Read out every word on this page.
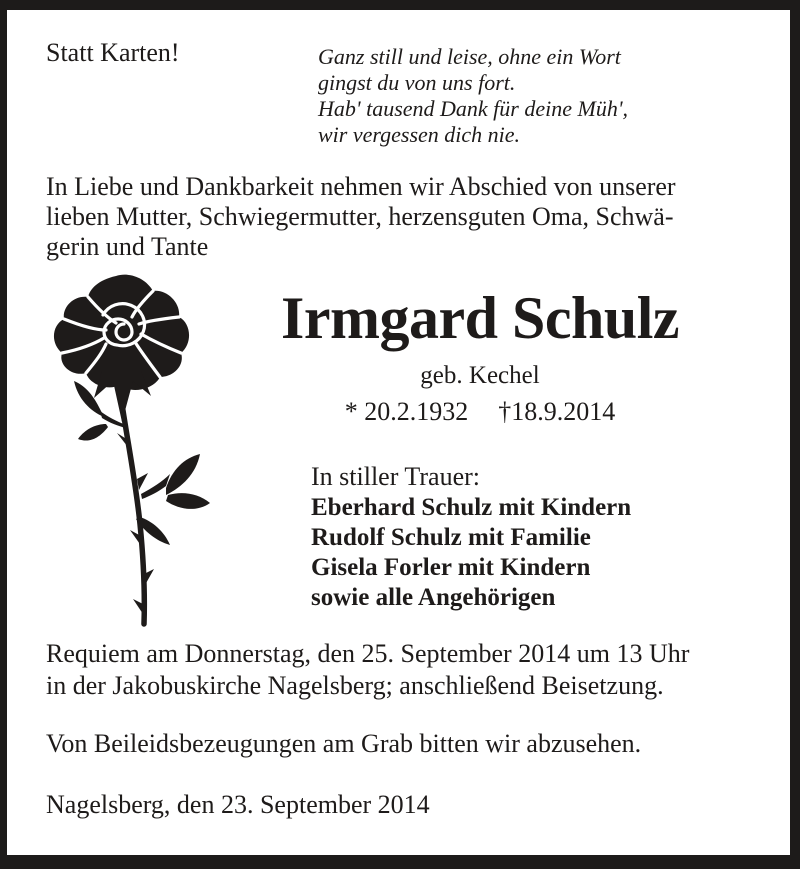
Statt Karten!	Ganz still und leise, ohne ein Wort
gingst du von uns fort.
Hab' tausend Dank für deine Müh',
wir vergessen dich nie.
In Liebe und Dankbarkeit nehmen wir Abschied von unserer
lieben Mutter, Schwiegermutter, herzensguten Oma, Schwä-
gerin und Tante
Irmgard Schulz
geb. Kechel
* 20.2.1932 †18.9.2014
In stiller Trauer:
Eberhard Schulz mit Kindern
Rudolf Schulz mit Familie
Gisela Forler mit Kindern
sowie alle Angehörigen
Requiem am Donnerstag, den 25. September 2014 um 13 Uhr
in der Jakobuskirche Nagelsberg; anschließend Beisetzung.
Von Beileidsbezeugungen am Grab bitten wir abzusehen.
Nagelsberg, den 23. September 2014
